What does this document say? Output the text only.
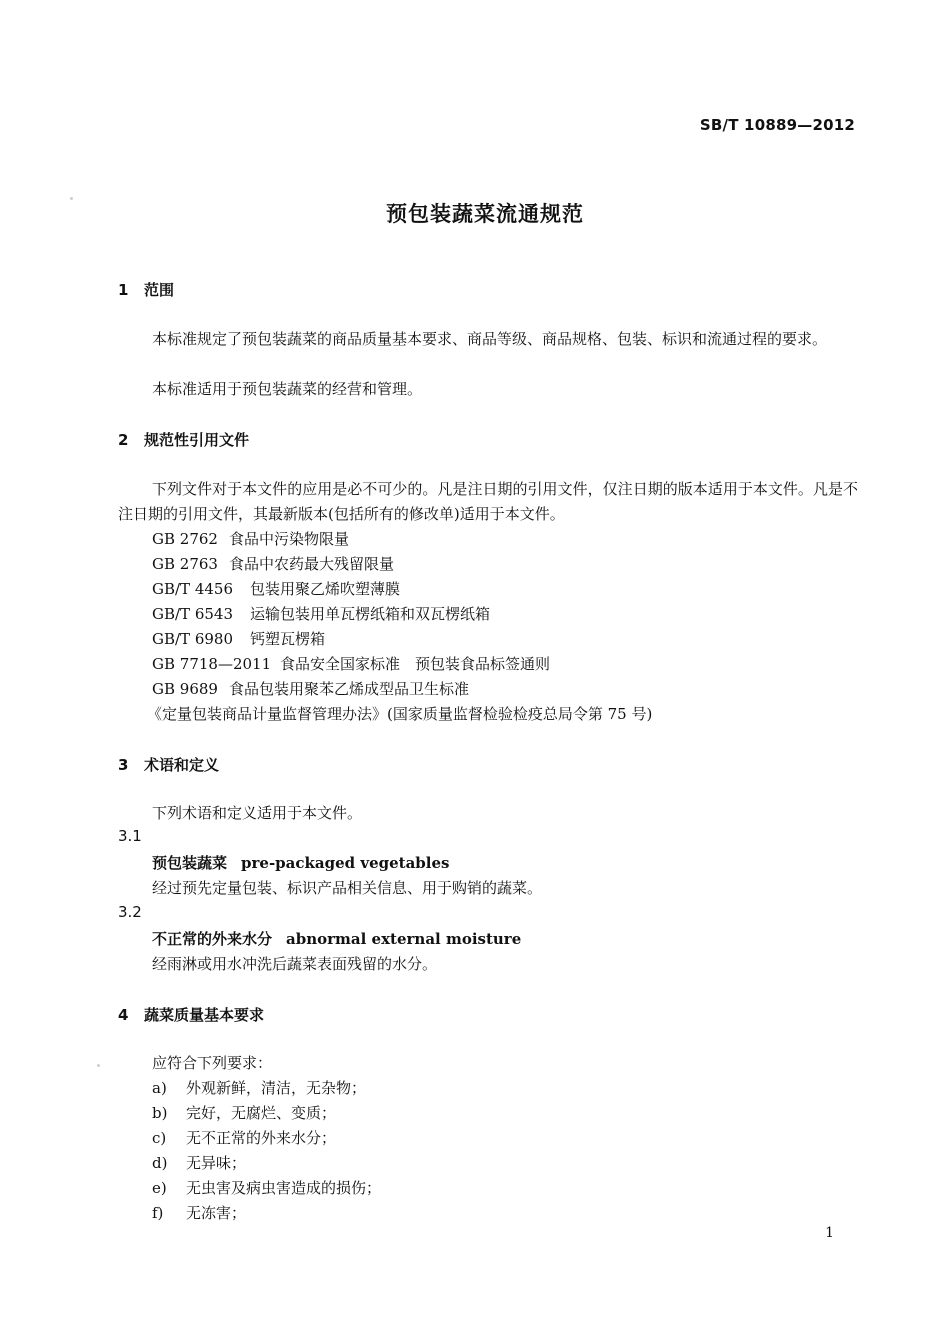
SB/T 10889—2012
预包装蔬菜流通规范
1 范围
本标准规定了预包装蔬菜的商品质量基本要求、商品等级、商品规格、包装、标识和流通过程的要求。
本标准适用于预包装蔬菜的经营和管理。
2 规范性引用文件
下列文件对于本文件的应用是必不可少的。凡是注日期的引用文件，仅注日期的版本适用于本文件。凡是不注日期的引用文件，其最新版本(包括所有的修改单)适用于本文件。
GB 2762 食品中污染物限量
GB 2763 食品中农药最大残留限量
GB/T 4456 包装用聚乙烯吹塑薄膜
GB/T 6543 运输包装用单瓦楞纸箱和双瓦楞纸箱
GB/T 6980 钙塑瓦楞箱
GB 7718—2011 食品安全国家标准　预包装食品标签通则
GB 9689 食品包装用聚苯乙烯成型品卫生标准
《定量包装商品计量监督管理办法》(国家质量监督检验检疫总局令第 75 号)
3 术语和定义
下列术语和定义适用于本文件。
3.1
预包装蔬菜 pre-packaged vegetables
经过预先定量包装、标识产品相关信息、用于购销的蔬菜。
3.2
不正常的外来水分 abnormal external moisture
经雨淋或用水冲洗后蔬菜表面残留的水分。
4 蔬菜质量基本要求
应符合下列要求：
a) 外观新鲜，清洁，无杂物；
b) 完好，无腐烂、变质；
c) 无不正常的外来水分；
d) 无异味；
e) 无虫害及病虫害造成的损伤；
f) 无冻害；
1
